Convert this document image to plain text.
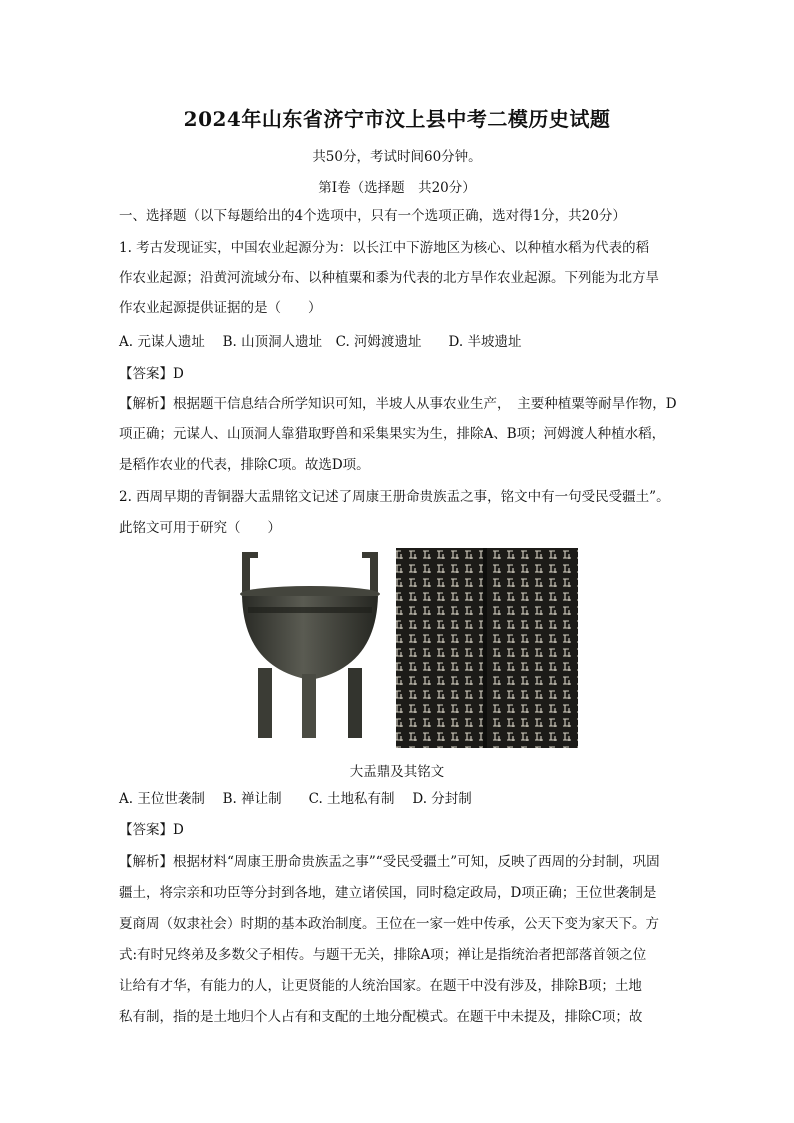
2024年山东省济宁市汶上县中考二模历史试题
共50分，考试时间60分钟。
第Ⅰ卷（选择题　共20分）
一、选择题（以下每题给出的4个选项中，只有一个选项正确，选对得1分，共20分）
1. 考古发现证实，中国农业起源分为：以长江中下游地区为核心、以种植水稻为代表的稻
作农业起源；沿黄河流域分布、以种植粟和黍为代表的北方旱作农业起源。下列能为北方旱
作农业起源提供证据的是（　　）
A. 元谋人遗址　 B. 山顶洞人遗址　C. 河姆渡遗址　　D. 半坡遗址
【答案】D
【解析】根据题干信息结合所学知识可知，半坡人从事农业生产，　主要种植粟等耐旱作物，D
项正确；元谋人、山顶洞人靠猎取野兽和采集果实为生，排除A、B项；河姆渡人种植水稻，
是稻作农业的代表，排除C项。故选D项。
2. 西周早期的青铜器大盂鼎铭文记述了周康王册命贵族盂之事，铭文中有一句受民受疆土”。
此铭文可用于研究（　　）
大盂鼎及其铭文
A. 王位世袭制　 B. 禅让制　　C. 土地私有制　 D. 分封制
【答案】D
【解析】根据材料“周康王册命贵族盂之事”“受民受疆土”可知，反映了西周的分封制，巩固
疆土，将宗亲和功臣等分封到各地，建立诸侯国，同时稳定政局，D项正确；王位世袭制是
夏商周（奴隶社会）时期的基本政治制度。王位在一家一姓中传承，公天下变为家天下。方
式:有时兄终弟及多数父子相传。与题干无关，排除A项；禅让是指统治者把部落首领之位
让给有才华，有能力的人，让更贤能的人统治国家。在题干中没有涉及，排除B项；土地
私有制，指的是土地归个人占有和支配的土地分配模式。在题干中未提及，排除C项；故
